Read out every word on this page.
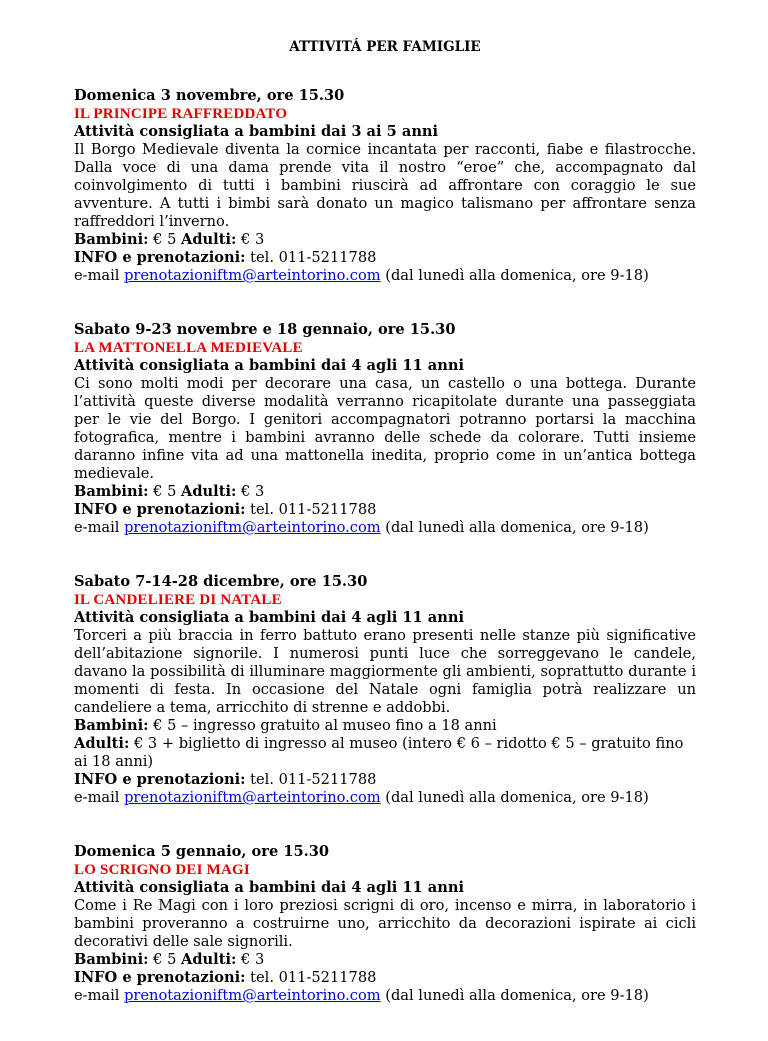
ATTIVITÁ PER FAMIGLIE

Domenica 3 novembre, ore 15.30

IL PRINCIPE RAFFREDDATO

Attività consigliata a bambini dai 3 ai 5 anni

Il Borgo Medievale diventa la cornice incantata per racconti, fiabe e filastrocche. Dalla voce di una dama prende vita il nostro “eroe” che, accompagnato dal coinvolgimento di tutti i bambini riuscirà ad affrontare con coraggio le sue avventure. A tutti i bimbi sarà donato un magico talismano per affrontare senza raffreddori l’inverno.

Bambini: € 5 Adulti: € 3

INFO e prenotazioni: tel. 011-5211788

e-mail prenotazioniftm@arteintorino.com (dal lunedì alla domenica, ore 9-18)

Sabato 9-23 novembre e 18 gennaio, ore 15.30

LA MATTONELLA MEDIEVALE

Attività consigliata a bambini dai 4 agli 11 anni

Ci sono molti modi per decorare una casa, un castello o una bottega. Durante l’attività queste diverse modalità verranno ricapitolate durante una passeggiata per le vie del Borgo. I genitori accompagnatori potranno portarsi la macchina fotografica, mentre i bambini avranno delle schede da colorare. Tutti insieme daranno infine vita ad una mattonella inedita, proprio come in un’antica bottega medievale.

Bambini: € 5 Adulti: € 3

INFO e prenotazioni: tel. 011-5211788

e-mail prenotazioniftm@arteintorino.com (dal lunedì alla domenica, ore 9-18)

Sabato 7-14-28 dicembre, ore 15.30

IL CANDELIERE DI NATALE

Attività consigliata a bambini dai 4 agli 11 anni

Torceri a più braccia in ferro battuto erano presenti nelle stanze più significative dell’abitazione signorile. I numerosi punti luce che sorreggevano le candele, davano la possibilità di illuminare maggiormente gli ambienti, soprattutto durante i momenti di festa. In occasione del Natale ogni famiglia potrà realizzare un candeliere a tema, arricchito di strenne e addobbi.

Bambini: € 5 – ingresso gratuito al museo fino a 18 anni

Adulti: € 3 + biglietto di ingresso al museo (intero € 6 – ridotto € 5 – gratuito fino ai 18 anni)

INFO e prenotazioni: tel. 011-5211788

e-mail prenotazioniftm@arteintorino.com (dal lunedì alla domenica, ore 9-18)

Domenica 5 gennaio, ore 15.30

LO SCRIGNO DEI MAGI

Attività consigliata a bambini dai 4 agli 11 anni

Come i Re Magi con i loro preziosi scrigni di oro, incenso e mirra, in laboratorio i bambini proveranno a costruirne uno, arricchito da decorazioni ispirate ai cicli decorativi delle sale signorili.

Bambini: € 5 Adulti: € 3

INFO e prenotazioni: tel. 011-5211788

e-mail prenotazioniftm@arteintorino.com (dal lunedì alla domenica, ore 9-18)
